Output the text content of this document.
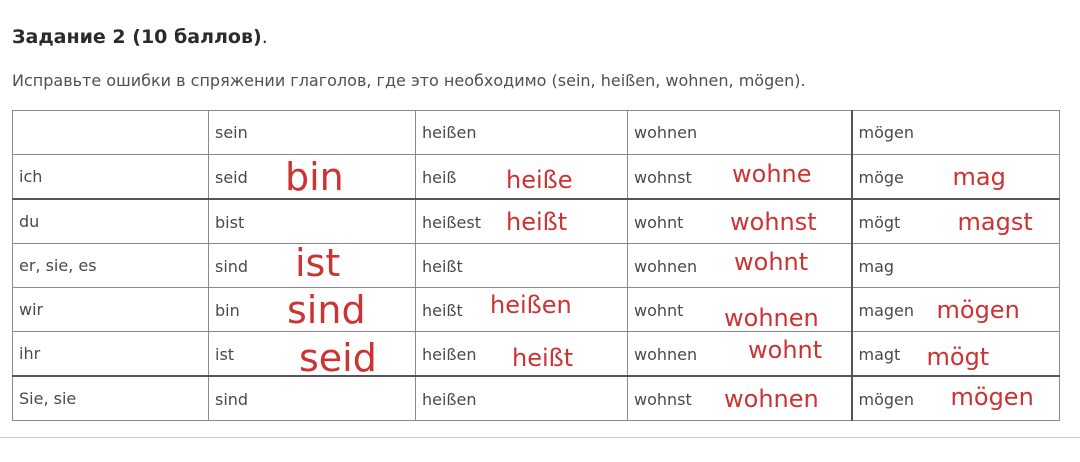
Задание 2 (10 баллов).
Исправьте ошибки в спряжении глаголов, где это необходимо (sein, heißen, wohnen, mögen).
	sein	heißen	wohnen	mögen
ich	seid bin	heiß heiße	wohnst wohne	möge mag

du	bist	heißest heißt	wohnt wohnst	mögt magst

er, sie, es	sind ist	heißt	wohnen wohnt	mag
wir	bin sind	heißt heißen	wohnt wohnen	magen mögen

ihr	ist seid	heißen heißt	wohnen wohnt	magt mögt

Sie, sie	sind	heißen	wohnst wohnen	mögen mögen
